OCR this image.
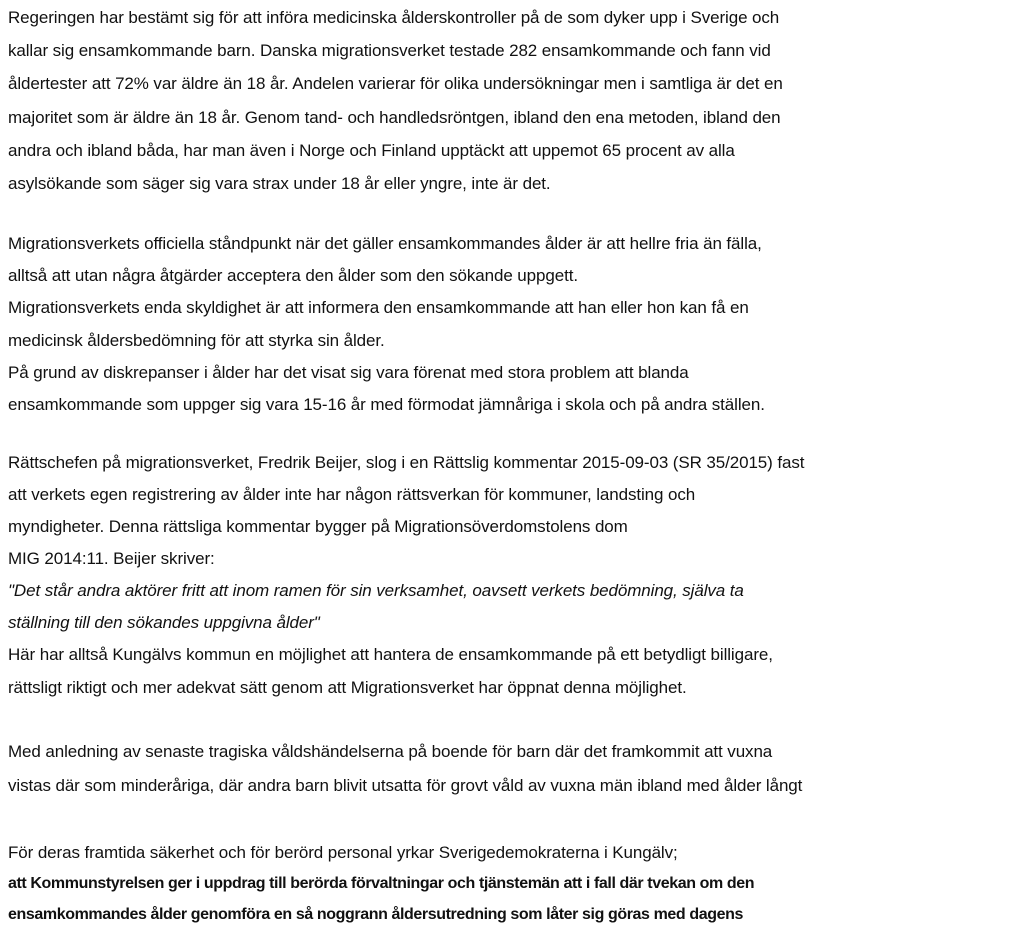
Regeringen har bestämt sig för att införa medicinska ålderskontroller på de som dyker upp i Sverige och
kallar sig ensamkommande barn. Danska migrationsverket testade 282 ensamkommande och fann vid
åldertester att 72% var äldre än 18 år. Andelen varierar för olika undersökningar men i samtliga är det en
majoritet som är äldre än 18 år. Genom tand- och handledsröntgen, ibland den ena metoden, ibland den
andra och ibland båda, har man även i Norge och Finland upptäckt att uppemot 65 procent av alla
asylsökande som säger sig vara strax under 18 år eller yngre, inte är det.
Migrationsverkets officiella ståndpunkt när det gäller ensamkommandes ålder är att hellre fria än fälla,
alltså att utan några åtgärder acceptera den ålder som den sökande uppgett.
Migrationsverkets enda skyldighet är att informera den ensamkommande att han eller hon kan få en
medicinsk åldersbedömning för att styrka sin ålder.
På grund av diskrepanser i ålder har det visat sig vara förenat med stora problem att blanda
ensamkommande som uppger sig vara 15-16 år med förmodat jämnåriga i skola och på andra ställen.
Rättschefen på migrationsverket, Fredrik Beijer, slog i en Rättslig kommentar 2015-09-03 (SR 35/2015) fast
att verkets egen registrering av ålder inte har någon rättsverkan för kommuner, landsting och
myndigheter. Denna rättsliga kommentar bygger på Migrationsöverdomstolens dom
MIG 2014:11. Beijer skriver:
"Det står andra aktörer fritt att inom ramen för sin verksamhet, oavsett verkets bedömning, själva ta
ställning till den sökandes uppgivna ålder"
Här har alltså Kungälvs kommun en möjlighet att hantera de ensamkommande på ett betydligt billigare,
rättsligt riktigt och mer adekvat sätt genom att Migrationsverket har öppnat denna möjlighet.
Med anledning av senaste tragiska våldshändelserna på boende för barn där det framkommit att vuxna
vistas där som minderåriga, där andra barn blivit utsatta för grovt våld av vuxna män ibland med ålder långt
För deras framtida säkerhet och för berörd personal yrkar Sverigedemokraterna i Kungälv;
att Kommunstyrelsen ger i uppdrag till berörda förvaltningar och tjänstemän att i fall där tvekan om den
ensamkommandes ålder genomföra en så noggrann åldersutredning som låter sig göras med dagens
